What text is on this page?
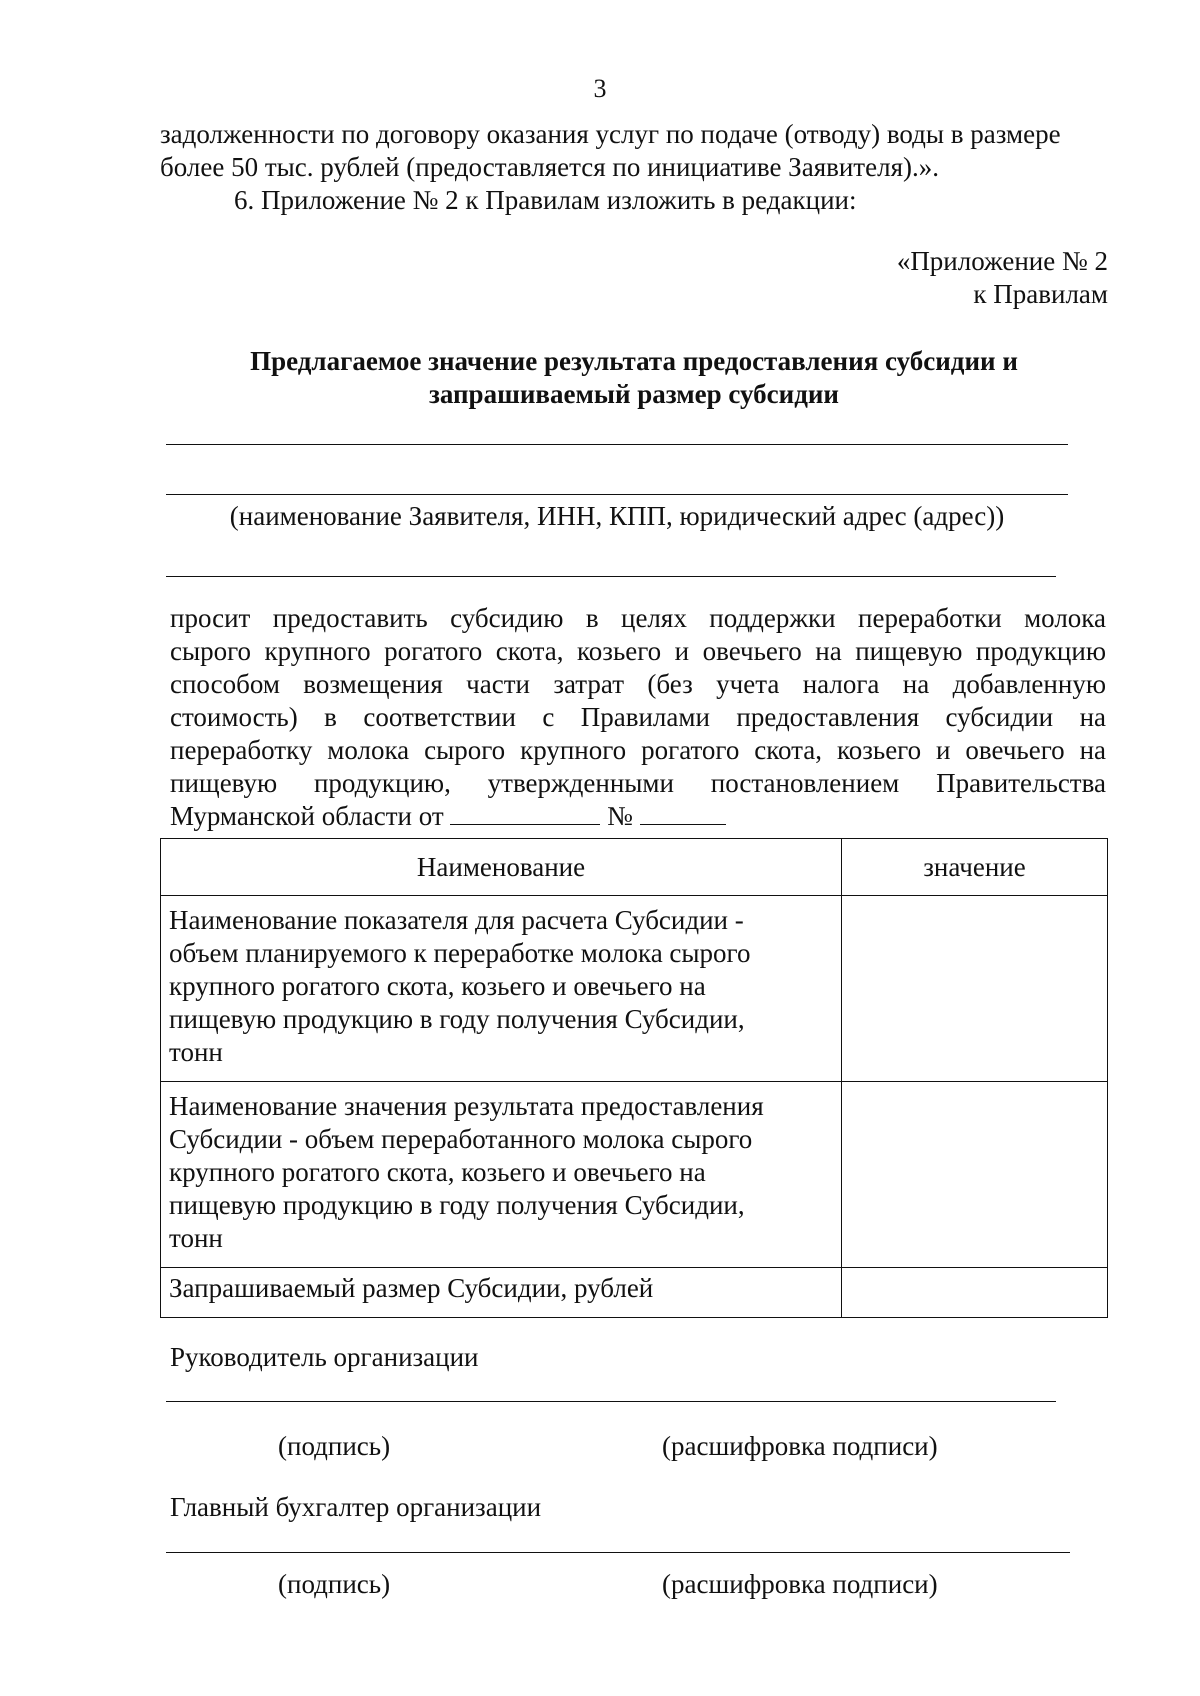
3
задолженности по договору оказания услуг по подаче (отводу) воды в размере
более 50 тыс. рублей (предоставляется по инициативе Заявителя).».
6. Приложение № 2 к Правилам изложить в редакции:
«Приложение № 2
к Правилам
Предлагаемое значение результата предоставления субсидии и
запрашиваемый размер субсидии
(наименование Заявителя, ИНН, КПП, юридический адрес (адрес))
просит предоставить субсидию в целях поддержки переработки молока
сырого крупного рогатого скота, козьего и овечьего на пищевую продукцию
способом возмещения части затрат (без учета налога на добавленную
стоимость) в соответствии с Правилами предоставления субсидии на
переработку молока сырого крупного рогатого скота, козьего и овечьего на
пищевую продукцию, утвержденными постановлением Правительства
Мурманской области от	№
Наименование	значение

Наименование показателя для расчета Субсидии -
объем планируемого к переработке молока сырого
крупного рогатого скота, козьего и овечьего на
пищевую продукцию в году получения Субсидии,
тонн	

Наименование значения результата предоставления
Субсидии - объем переработанного молока сырого
крупного рогатого скота, козьего и овечьего на
пищевую продукцию в году получения Субсидии,
тонн	

Запрашиваемый размер Субсидии, рублей	

Руководитель организации
(подпись)	(расшифровка подписи)
Главный бухгалтер организации
(подпись)	(расшифровка подписи)
